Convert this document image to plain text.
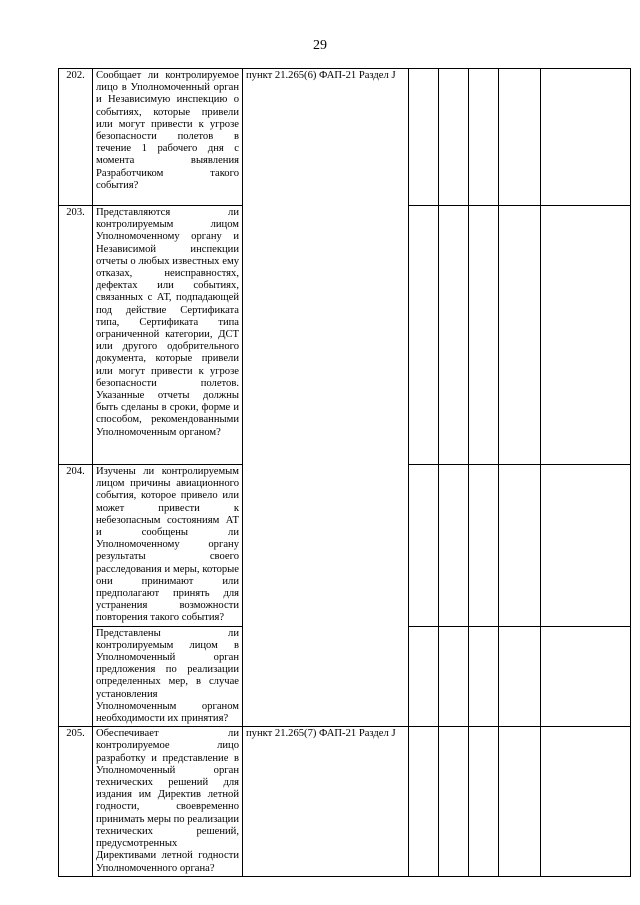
29
202.	Сообщает ли контролируемое лицо в Уполномоченный орган и Независимую инспекцию о событиях, которые привели или могут привести к угрозе безопасности полетов в течение 1 рабочего дня с момента выявления Разработчиком такого события?	пункт 21.265(6) ФАП-21 Раздел J					
203.	Представляются ли контролируемым лицом Уполномоченному органу и Независимой инспекции отчеты о любых известных ему отказах, неисправностях, дефектах или событиях, связанных с АТ, подпадающей под действие Сертификата типа, Сертификата типа ограниченной категории, ДСТ или другого одобрительного документа, которые привели или могут привести к угрозе безопасности полетов. Указанные отчеты должны быть сделаны в сроки, форме и способом, рекомендованными Уполномоченным органом?						
204.	Изучены ли контролируемым лицом причины авиационного события, которое привело или может привести к небезопасным состояниям АТ и сообщены ли Уполномоченному органу результаты своего расследования и меры, которые они принимают или предполагают принять для устранения возможности повторения такого события?						
	Представлены ли контролируемым лицом в Уполномоченный орган предложения по реализации определенных мер, в случае установления Уполномоченным органом необходимости их принятия?						
205.	Обеспечивает ли контролируемое лицо разработку и представление в Уполномоченный орган технических решений для издания им Директив летной годности, своевременно принимать меры по реализации технических решений, предусмотренных Директивами летной годности Уполномоченного органа?	пункт 21.265(7) ФАП-21 Раздел J					
